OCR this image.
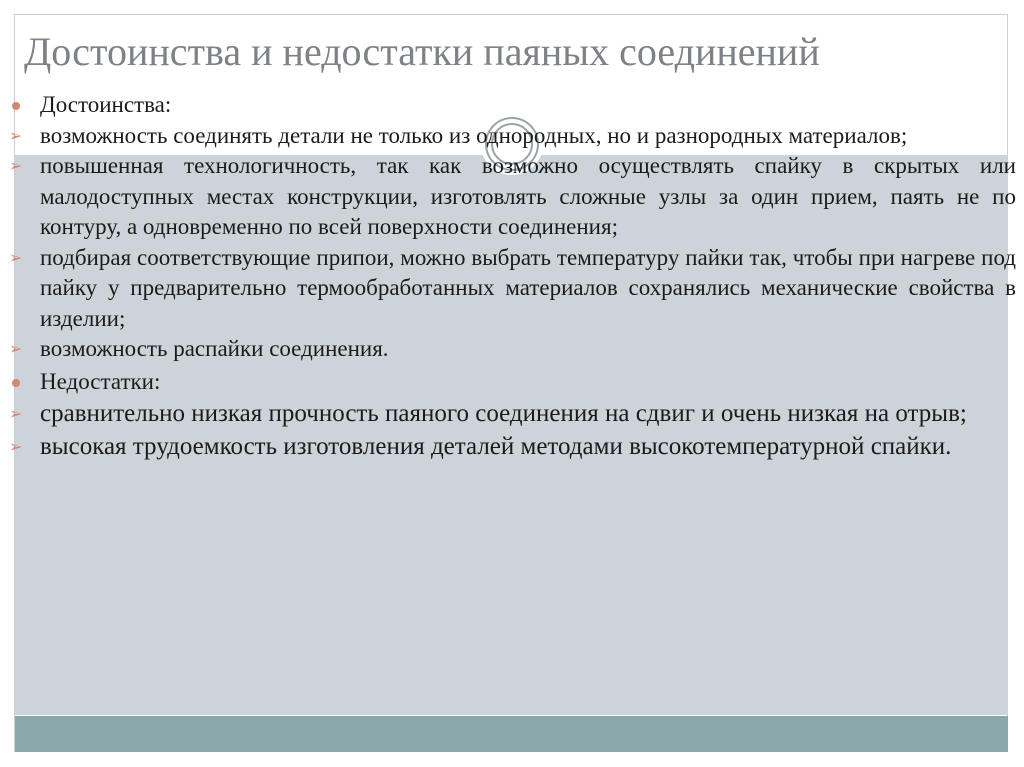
Достоинства и недостатки паяных соединений
Достоинства:
➢ возможность соединять детали не только из однородных, но и разнородных материалов;
➢ повышенная технологичность, так как возможно осуществлять спайку в скрытых или малодоступных местах конструкции, изготовлять сложные узлы за один прием, паять не по контуру, а одновременно по всей поверхности соединения;
➢ подбирая соответствующие припои, можно выбрать температуру пайки так, чтобы при нагреве под пайку у предварительно термообработанных материалов сохранялись механические свойства в изделии;
➢ возможность распайки соединения.
Недостатки:
➢ сравнительно низкая прочность паяного соединения на сдвиг и очень низкая на отрыв;
➢ высокая трудоемкость изготовления деталей методами высокотемпературной спайки.
